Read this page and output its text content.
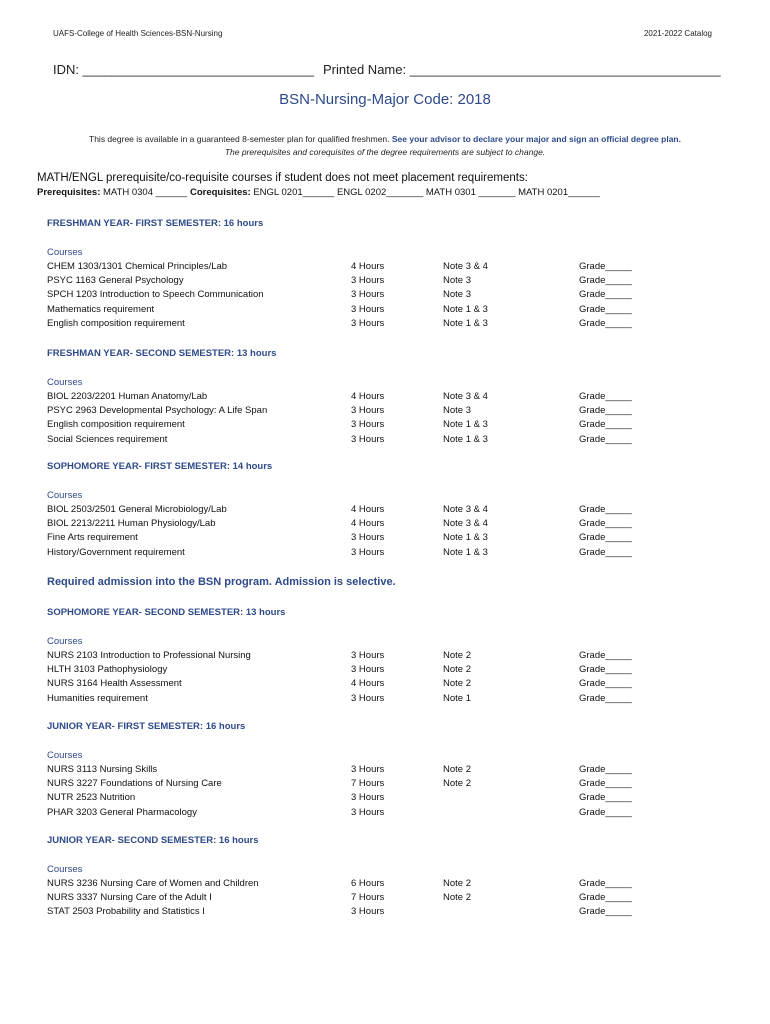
UAFS-College of Health Sciences-BSN-Nursing	2021-2022 Catalog
IDN: ________________________________ Printed Name: ___________________________________________
BSN-Nursing-Major Code: 2018
This degree is available in a guaranteed 8-semester plan for qualified freshmen. See your advisor to declare your major and sign an official degree plan.
The prerequisites and corequisites of the degree requirements are subject to change.
MATH/ENGL prerequisite/co-requisite courses if student does not meet placement requirements:
Prerequisites: MATH 0304 ______ Corequisites: ENGL 0201______ ENGL 0202_______ MATH 0301 _______ MATH 0201______
FRESHMAN YEAR- FIRST SEMESTER: 16 hours
Courses
CHEM 1303/1301 Chemical Principles/Lab	4 Hours	Note 3 & 4	Grade_____
PSYC 1163 General Psychology	3 Hours	Note 3	Grade_____
SPCH 1203 Introduction to Speech Communication	3 Hours	Note 3	Grade_____
Mathematics requirement	3 Hours	Note 1 & 3	Grade_____
English composition requirement	3 Hours	Note 1 & 3	Grade_____
FRESHMAN YEAR- SECOND SEMESTER: 13 hours
Courses
BIOL 2203/2201 Human Anatomy/Lab	4 Hours	Note 3 & 4	Grade_____
PSYC 2963 Developmental Psychology: A Life Span	3 Hours	Note 3	Grade_____
English composition requirement	3 Hours	Note 1 & 3	Grade_____
Social Sciences requirement	3 Hours	Note 1 & 3	Grade_____
SOPHOMORE YEAR- FIRST SEMESTER: 14 hours
Courses
BIOL 2503/2501 General Microbiology/Lab	4 Hours	Note 3 & 4	Grade_____
BIOL 2213/2211 Human Physiology/Lab	4 Hours	Note 3 & 4	Grade_____
Fine Arts requirement	3 Hours	Note 1 & 3	Grade_____
History/Government requirement	3 Hours	Note 1 & 3	Grade_____
SOPHOMORE YEAR- SECOND SEMESTER: 13 hours
Courses
NURS 2103 Introduction to Professional Nursing	3 Hours	Note 2	Grade_____
HLTH 3103 Pathophysiology	3 Hours	Note 2	Grade_____
NURS 3164 Health Assessment	4 Hours	Note 2	Grade_____
Humanities requirement	3 Hours	Note 1	Grade_____
JUNIOR YEAR- FIRST SEMESTER: 16 hours
Courses
NURS 3113 Nursing Skills	3 Hours	Note 2	Grade_____
NURS 3227 Foundations of Nursing Care	7 Hours	Note 2	Grade_____
NUTR 2523 Nutrition	3 Hours	Grade_____
PHAR 3203 General Pharmacology	3 Hours	Grade_____
JUNIOR YEAR- SECOND SEMESTER: 16 hours
Courses
NURS 3236 Nursing Care of Women and Children	6 Hours	Note 2	Grade_____
NURS 3337 Nursing Care of the Adult I	7 Hours	Note 2	Grade_____
STAT 2503 Probability and Statistics I	3 Hours	Grade_____
Required admission into the BSN program. Admission is selective.
